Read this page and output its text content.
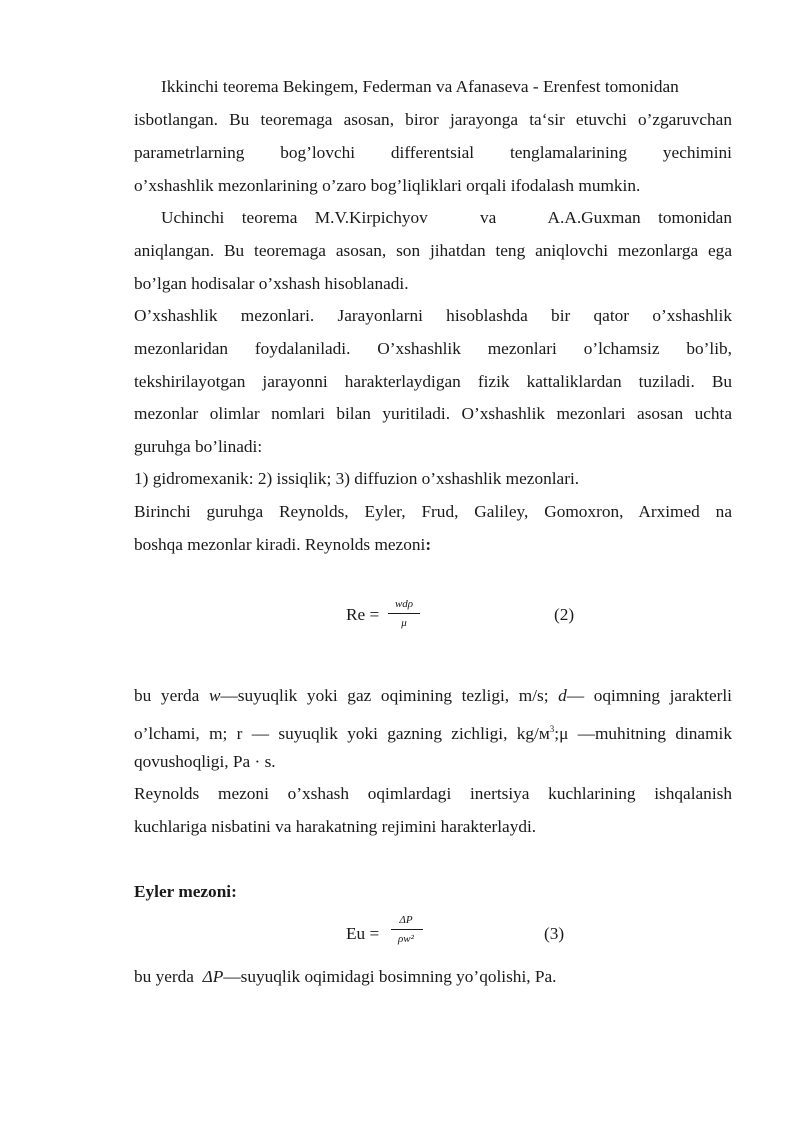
Ikkinchi teorema Bekingem, Federman va Afanaseva - Erenfest tomonidan
isbotlangan. Bu teoremaga asosan, biror jarayonga ta‘sir etuvchi o’zgaruvchan
parametrlarning bog’lovchi differentsial tenglamalarining yechimini
o’xshashlik mezonlarining o’zaro bog’liqliklari orqali ifodalash mumkin.
Uchinchi teorema M.V.Kirpichyov   va   A.A.Guxman tomonidan
aniqlangan. Bu teoremaga asosan, son jihatdan teng aniqlovchi mezonlarga ega
bo’lgan hodisalar o’xshash hisoblanadi.
O’xshashlik mezonlari. Jarayonlarni hisoblashda bir qator o’xshashlik
mezonlaridan foydalaniladi. O’xshashlik mezonlari o’lchamsiz bo’lib,
tekshirilayotgan jarayonni harakterlaydigan fizik kattaliklardan tuziladi. Bu
mezonlar olimlar nomlari bilan yuritiladi. O’xshashlik mezonlari asosan uchta
guruhga bo’linadi:
1) gidromexanik: 2) issiqlik; 3) diffuzion o’xshashlik mezonlari.
Birinchi guruhga Reynolds, Eyler, Frud, Galiley, Gomoxron, Arximed na
boshqa mezonlar kiradi. Reynolds mezoni:
Re =
wdρ
μ	(2)
bu yerda w—suyuqlik yoki gaz oqimining tezligi, m/s; d— oqimning jarakterli
o’lchami, m; r — suyuqlik yoki gazning zichligi, $kg/м^3;\mu$ —muhitning dinamik
qovushoqligi, Pa · s.
Reynolds mezoni o’xshash oqimlardagi inertsiya kuchlarining ishqalanish
kuchlariga nisbatini va harakatning rejimini harakterlaydi.
Eyler mezoni:
Eu =
ΔP
ρw²	(3)
bu yerda  ΔP—suyuqlik oqimidagi bosimning yo’qolishi, Pa.
